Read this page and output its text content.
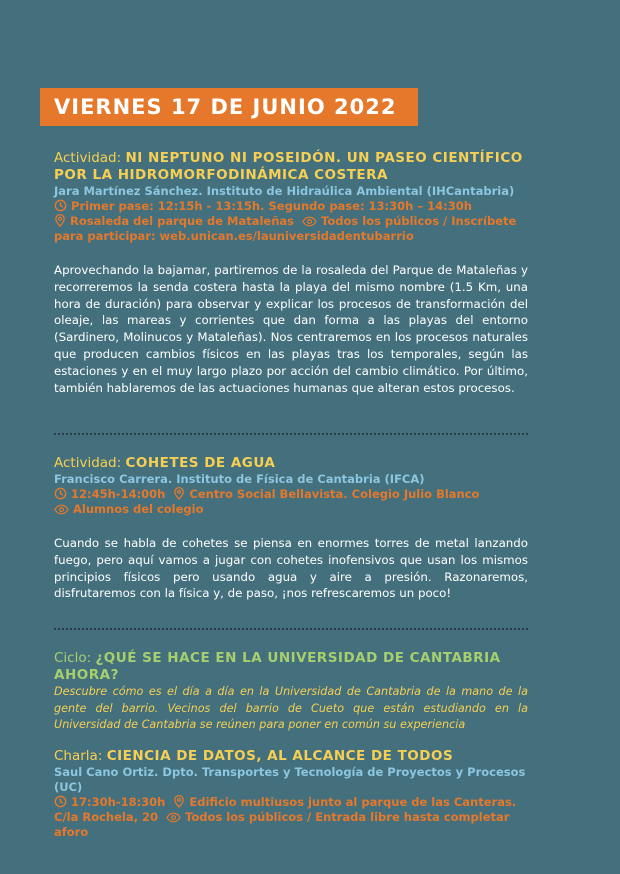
VIERNES 17 DE JUNIO 2022

Actividad: NI NEPTUNO NI POSEIDÓN. UN PASEO CIENTÍFICO POR LA HIDROMORFODINÁMICA COSTERA

Jara Martínez Sánchez. Instituto de Hidraúlica Ambiental (IHCantabria)

Primer pase: 12:15h - 13:15h. Segundo pase: 13:30h – 14:30h

Rosaleda del parque de Mataleñas Todos los públicos / Inscríbete para participar: web.unican.es/launiversidadentubarrio

Aprovechando la bajamar, partiremos de la rosaleda del Parque de Mataleñas y recorreremos la senda costera hasta la playa del mismo nombre (1.5 Km, una hora de duración) para observar y explicar los procesos de transformación del oleaje, las mareas y corrientes que dan forma a las playas del entorno (Sardinero, Molinucos y Mataleñas). Nos centraremos en los procesos naturales que producen cambios físicos en las playas tras los temporales, según las estaciones y en el muy largo plazo por acción del cambio climático. Por último, también hablaremos de las actuaciones humanas que alteran estos procesos.

Actividad: COHETES DE AGUA

Francisco Carrera. Instituto de Física de Cantabria (IFCA)

12:45h-14:00h Centro Social Bellavista. Colegio Julio Blanco

Alumnos del colegio

Cuando se habla de cohetes se piensa en enormes torres de metal lanzando fuego, pero aquí vamos a jugar con cohetes inofensivos que usan los mismos principios físicos pero usando agua y aire a presión. Razonaremos, disfrutaremos con la física y, de paso, ¡nos refrescaremos un poco!

Ciclo: ¿QUÉ SE HACE EN LA UNIVERSIDAD DE CANTABRIA AHORA?

Descubre cómo es el día a día en la Universidad de Cantabria de la mano de la gente del barrio. Vecinos del barrio de Cueto que están estudiando en la Universidad de Cantabria se reúnen para poner en común su experiencia

Charla: CIENCIA DE DATOS, AL ALCANCE DE TODOS

Saul Cano Ortiz. Dpto. Transportes y Tecnología de Proyectos y Procesos (UC)

17:30h-18:30h Edificio multiusos junto al parque de las Canteras. C/la Rochela, 20 Todos los públicos / Entrada libre hasta completar aforo
